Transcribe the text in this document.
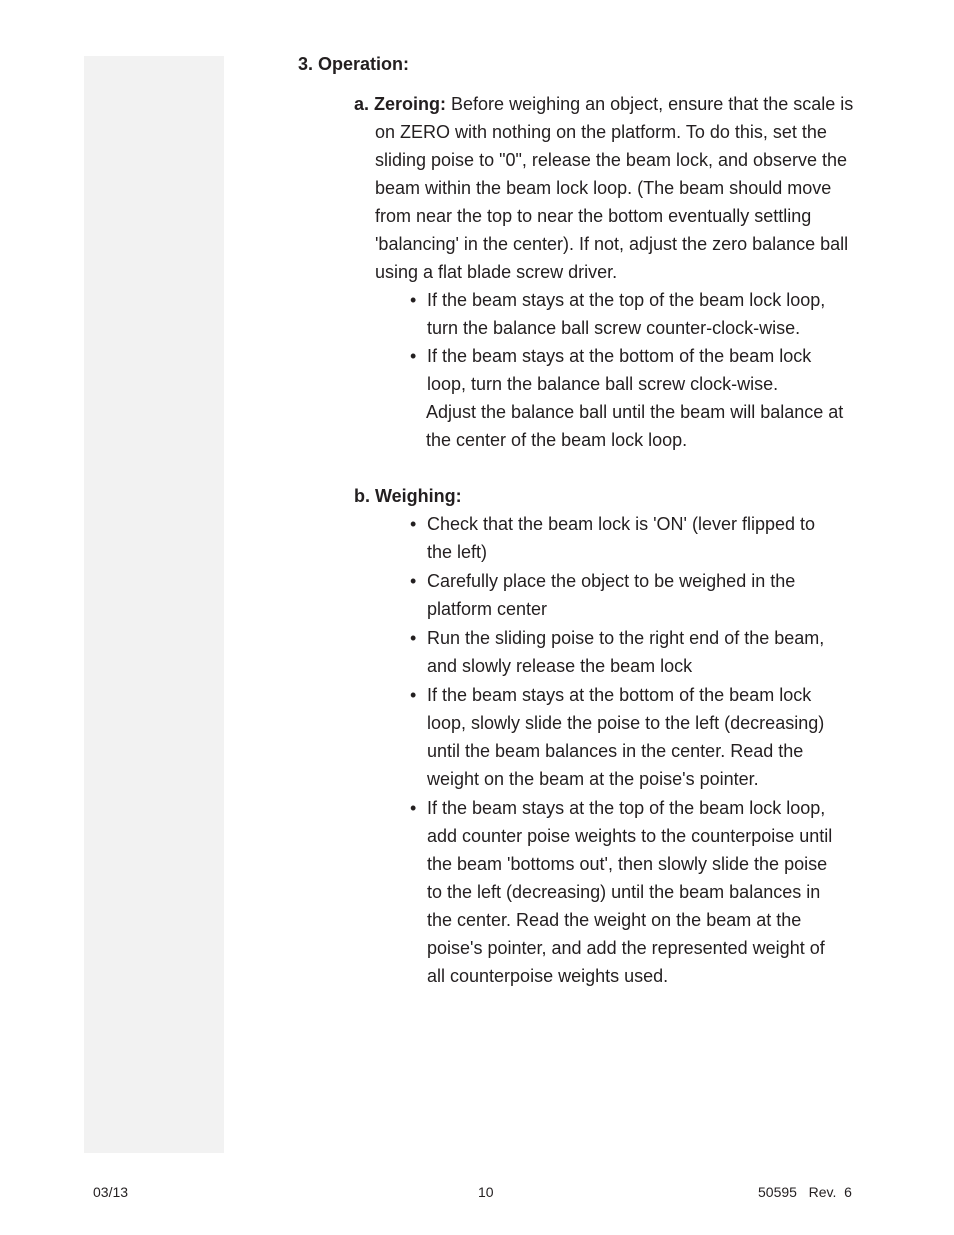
3. Operation:

a. Zeroing: Before weighing an object, ensure that the scale is on ZERO with nothing on the platform. To do this, set the sliding poise to "0", release the beam lock, and observe the beam within the beam lock loop. (The beam should move from near the top to near the bottom eventually settling 'balancing' in the center). If not, adjust the zero balance ball using a flat blade screw driver.

• If the beam stays at the top of the beam lock loop, turn the balance ball screw counter-clock-wise.
• If the beam stays at the bottom of the beam lock loop, turn the balance ball screw clock-wise.
Adjust the balance ball until the beam will balance at the center of the beam lock loop.
b. Weighing:
• Check that the beam lock is 'ON' (lever flipped to the left)
• Carefully place the object to be weighed in the platform center
• Run the sliding poise to the right end of the beam, and slowly release the beam lock
• If the beam stays at the bottom of the beam lock loop, slowly slide the poise to the left (decreasing) until the beam balances in the center. Read the weight on the beam at the poise's pointer.
• If the beam stays at the top of the beam lock loop, add counter poise weights to the counterpoise until the beam 'bottoms out', then slowly slide the poise to the left (decreasing) until the beam balances in the center. Read the weight on the beam at the poise's pointer, and add the represented weight of all counterpoise weights used.
03/13	10	50595   Rev.  6
